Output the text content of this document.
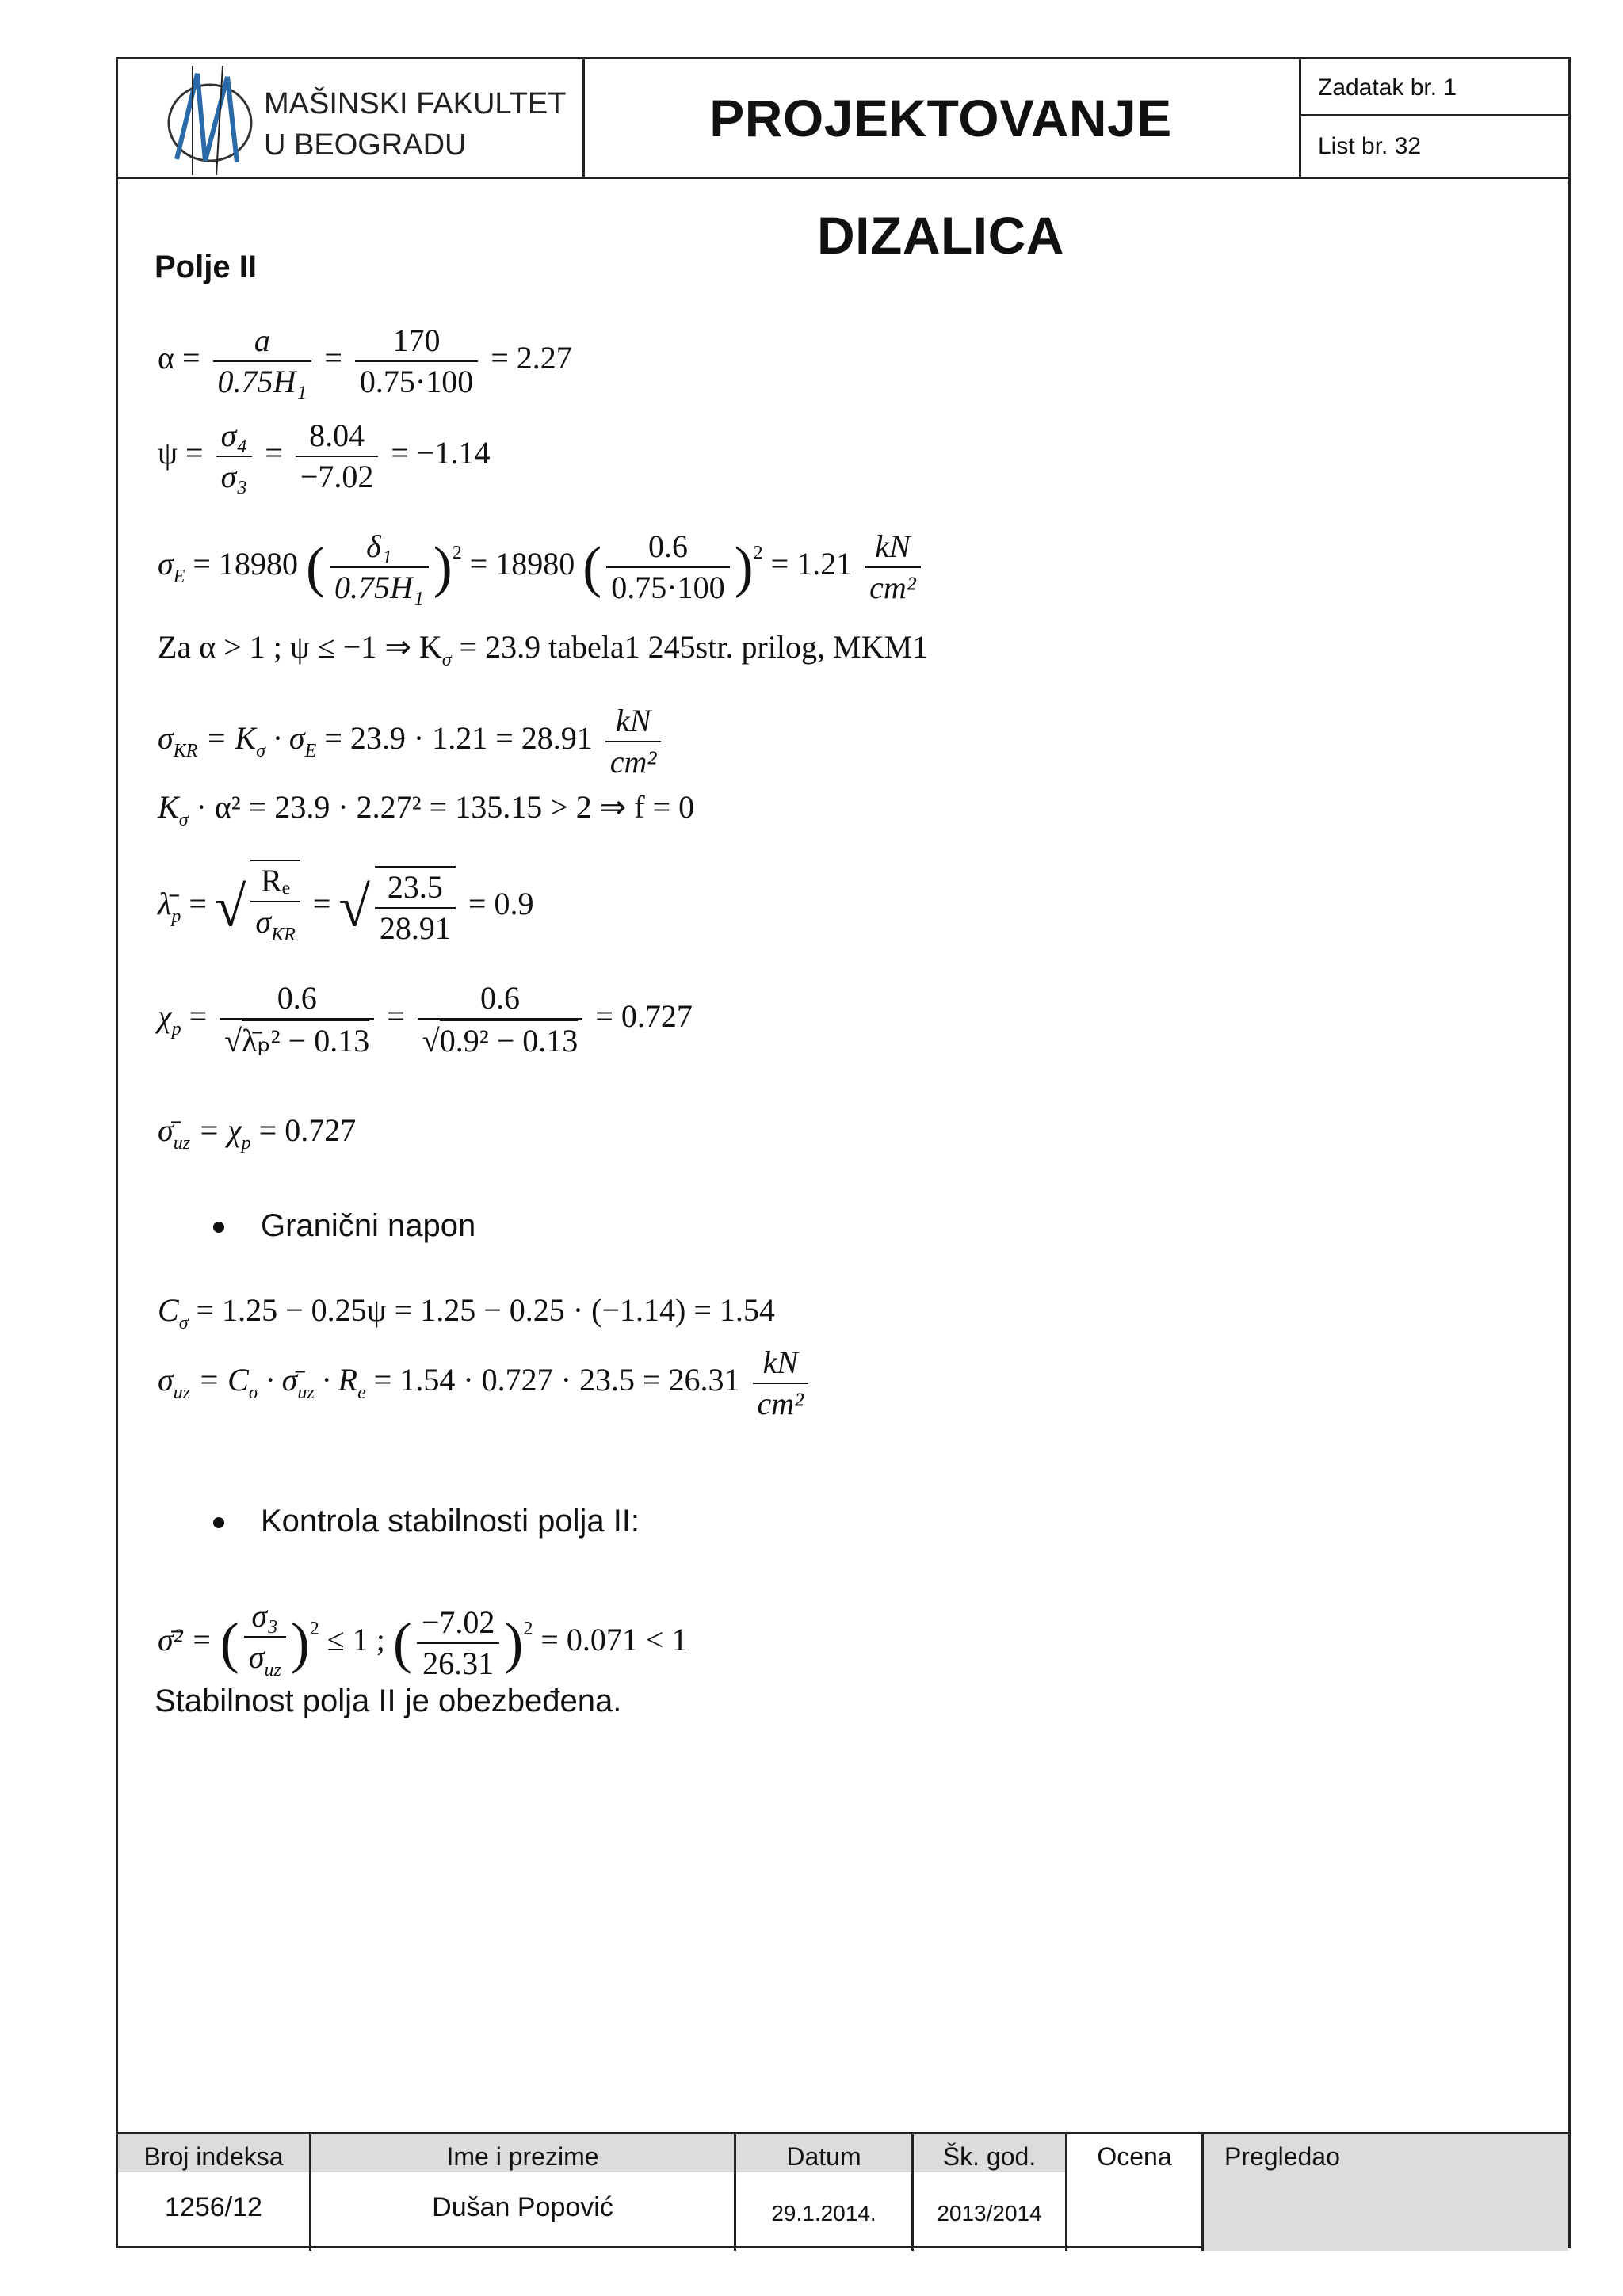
MAŠINSKI FAKULTET
U BEOGRADU	PROJEKTOVANJE DIZALICA
Zadatak br. 1
List br. 32
Polje II
$\alpha = \frac{a}{\text{0.75H₁}} = \frac{170}{0.75\cdot 100} = 2.27$
$\psi = \frac{\text{σ₄}}{\text{σ₃}} = \frac{8.04}{-7.02} = -1.14$
$\sigma_E = 18980$ ( $\frac{\text{δ₁}}{\text{0.75H₁}} )^2 = 18980$ ( $\frac{0.6}{0.75\cdot 100} )^2 = 1.21 \frac{kN}{\text{cm²}}$
Za α > 1 ; ψ ≤ −1 ⇒ $K_\sigma = 23.9$ tabela1 245str. prilog, MKM1
$\sigma_{KR} = K_\sigma \cdot \sigma_E = 23.9 \cdot 1.21 = 28.91 \frac{kN}{\text{cm²}}$
$K_\sigma \cdot \alpha^2 = 23.9 \cdot 2.27^2 = 135.15 > 2$ ⇒ f = 0
$\lambdā_p$ = √ $\frac{\text{Rₑ}}{\sigma_{KR}}$ = √ $\frac{23.5}{28.91} = 0.9$
$\chi_p = \frac{0.6}{\text{√λ̄ₚ² − 0.13}} = \frac{0.6}{\text{√0.9² − 0.13}} = 0.727$
$\sigmā_{uz} = \chi_p = 0.727$
Granični napon
$C_\sigma = 1.25 - 0.25\psi = 1.25 - 0.25 \cdot (-1.14) = 1.54$
$\sigma_{uz} = C_\sigma$ · $\sigmā_{uz} \cdot R_e = 1.54 \cdot 0.727 \cdot 23.5 = 26.31 \frac{kN}{\text{cm²}}$
Kontrola stabilnosti polja II:
σ̄² = ( $\frac{\text{σ₃}}{\sigma_{uz}} )^2 \le 1$ ; ( $\frac{-7.02}{26.31} )^2 = 0.071 < 1$
Stabilnost polja II je obezbeđena.
Broj indeksa
1256/12
Ime i prezime
Dušan Popović
Datum
29.1.2014.
Šk. god.
2013/2014
Ocena	Pregledao
